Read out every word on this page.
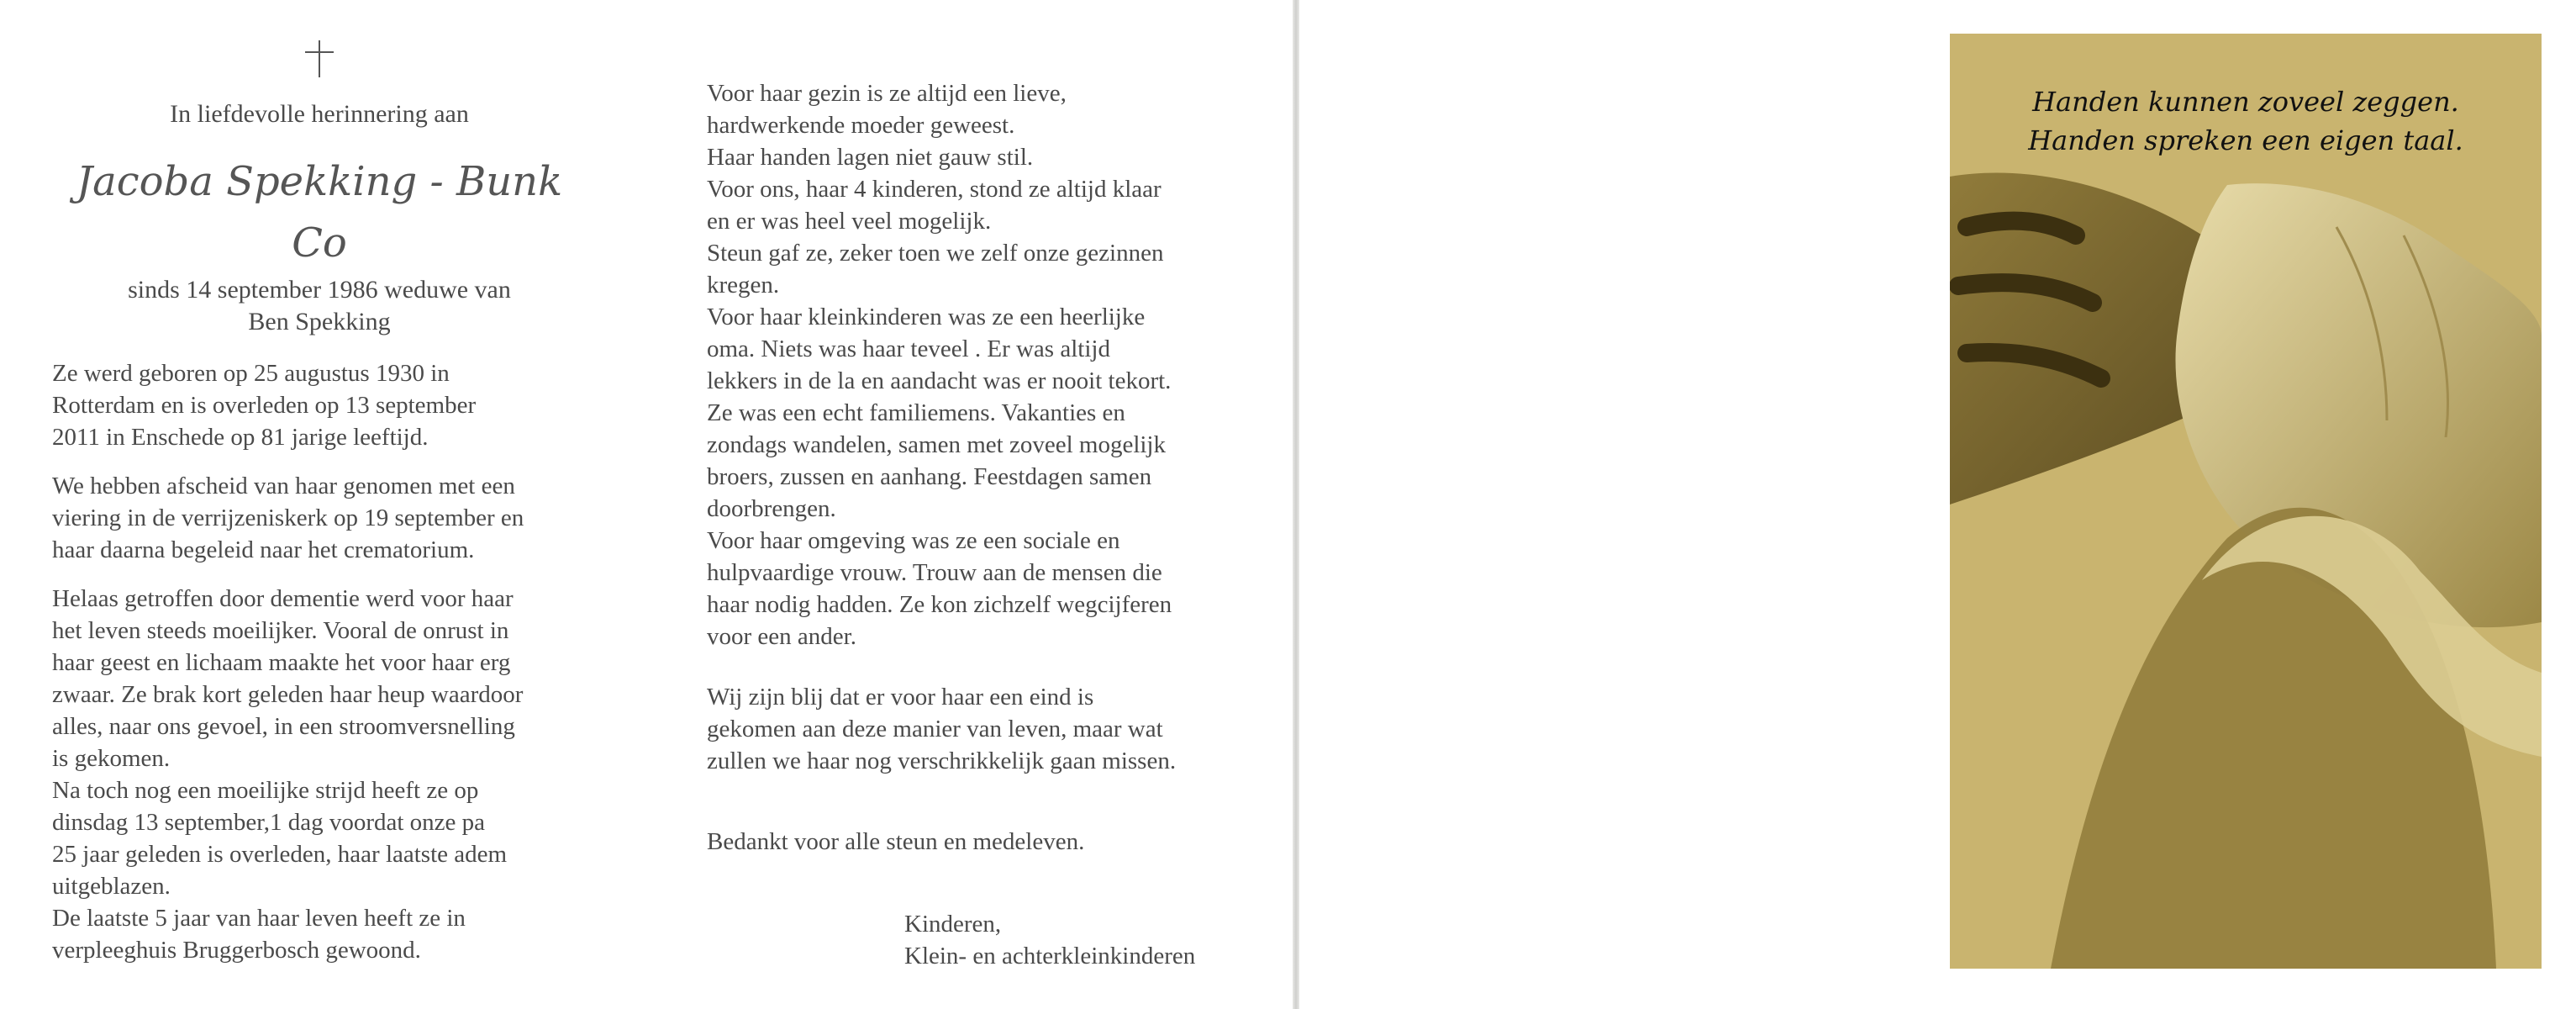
In liefdevolle herinnering aan
Jacoba Spekking - Bunk
Co

sinds 14 september 1986 weduwe van

Ben Spekking

Ze werd geboren op 25 augustus 1930 in

Rotterdam en is overleden op 13 september

2011 in Enschede op 81 jarige leeftijd.

We hebben afscheid van haar genomen met een

viering in de verrijzeniskerk op 19 september en

haar daarna begeleid naar het crematorium.

Helaas getroffen door dementie werd voor haar

het leven steeds moeilijker. Vooral de onrust in

haar geest en lichaam maakte het voor haar erg

zwaar. Ze brak kort geleden haar heup waardoor

alles, naar ons gevoel, in een stroomversnelling

is gekomen.

Na toch nog een moeilijke strijd heeft ze op

dinsdag 13 september,1 dag voordat onze pa

25 jaar geleden is overleden, haar laatste adem

uitgeblazen.

De laatste 5 jaar van haar leven heeft ze in

verpleeghuis Bruggerbosch gewoond.

Voor haar gezin is ze altijd een lieve,

hardwerkende moeder geweest.

Haar handen lagen niet gauw stil.

Voor ons, haar 4 kinderen, stond ze altijd klaar

en er was heel veel mogelijk.

Steun gaf ze, zeker toen we zelf onze gezinnen

kregen.

Voor haar kleinkinderen was ze een heerlijke

oma. Niets was haar teveel . Er was altijd

lekkers in de la en aandacht was er nooit tekort.

Ze was een echt familiemens. Vakanties en

zondags wandelen, samen met zoveel mogelijk

broers, zussen en aanhang. Feestdagen samen

doorbrengen.

Voor haar omgeving was ze een sociale en

hulpvaardige vrouw. Trouw aan de mensen die

haar nodig hadden. Ze kon zichzelf wegcijferen

voor een ander.

Wij zijn blij dat er voor haar een eind is

gekomen aan deze manier van leven, maar wat

zullen we haar nog verschrikkelijk gaan missen.

Bedankt voor alle steun en medeleven.

Kinderen,

Klein- en achterkleinkinderen

Handen kunnen zoveel zeggen.
Handen spreken een eigen taal.
